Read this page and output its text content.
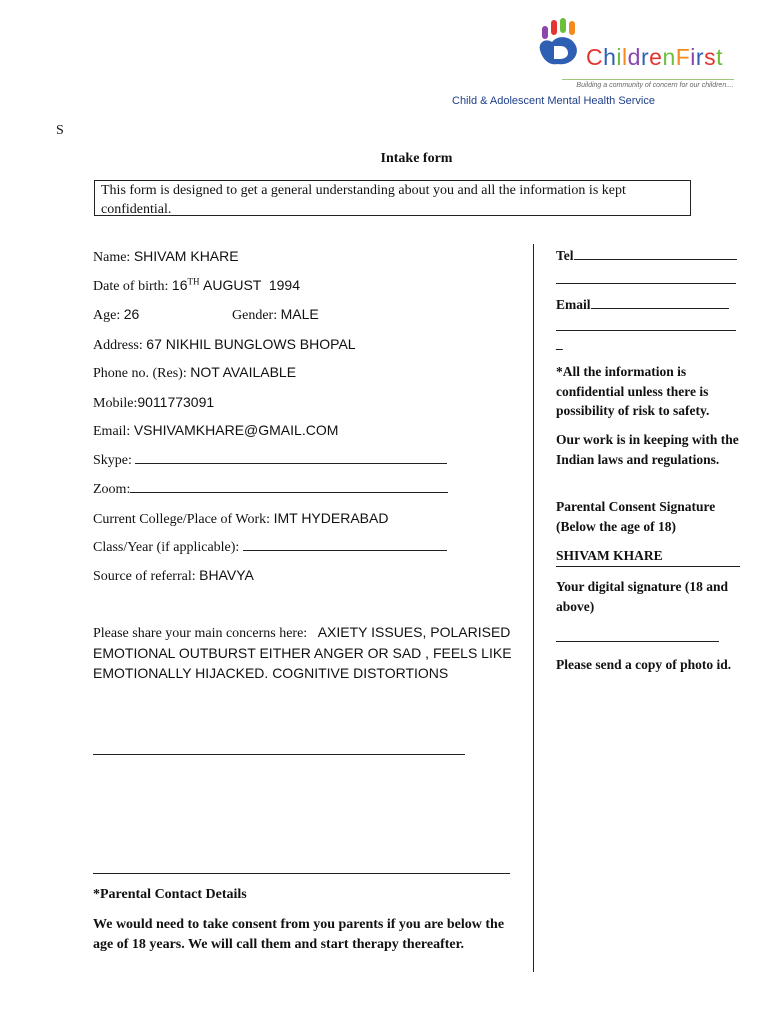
ChildrenFirst
Building a community of concern for our children....
Child & Adolescent Mental Health Service
S
Intake form
This form is designed to get a general understanding about you and all the information is kept confidential.
Name: SHIVAM KHARE
Date of birth: 16TH AUGUST  1994
Age: 26	Gender: MALE
Address: 67 NIKHIL BUNGLOWS BHOPAL
Phone no. (Res): NOT AVAILABLE
Mobile:9011773091
Email: VSHIVAMKHARE@GMAIL.COM
Skype:
Zoom:
Current College/Place of Work: IMT HYDERABAD
Class/Year (if applicable):
Source of referral: BHAVYA
Please share your main concerns here: AXIETY ISSUES, POLARISED EMOTIONAL OUTBURST EITHER ANGER OR SAD , FEELS LIKE EMOTIONALLY HIJACKED. COGNITIVE DISTORTIONS
*Parental Contact Details
We would need to take consent from you parents if you are below the age of 18 years. We will call them and start therapy thereafter.
Tel
Email
_
*All the information is confidential unless there is possibility of risk to safety.
Our work is in keeping with the Indian laws and regulations.
Parental Consent Signature (Below the age of 18)
SHIVAM KHARE
Your digital signature (18 and above)
Please send a copy of photo id.
